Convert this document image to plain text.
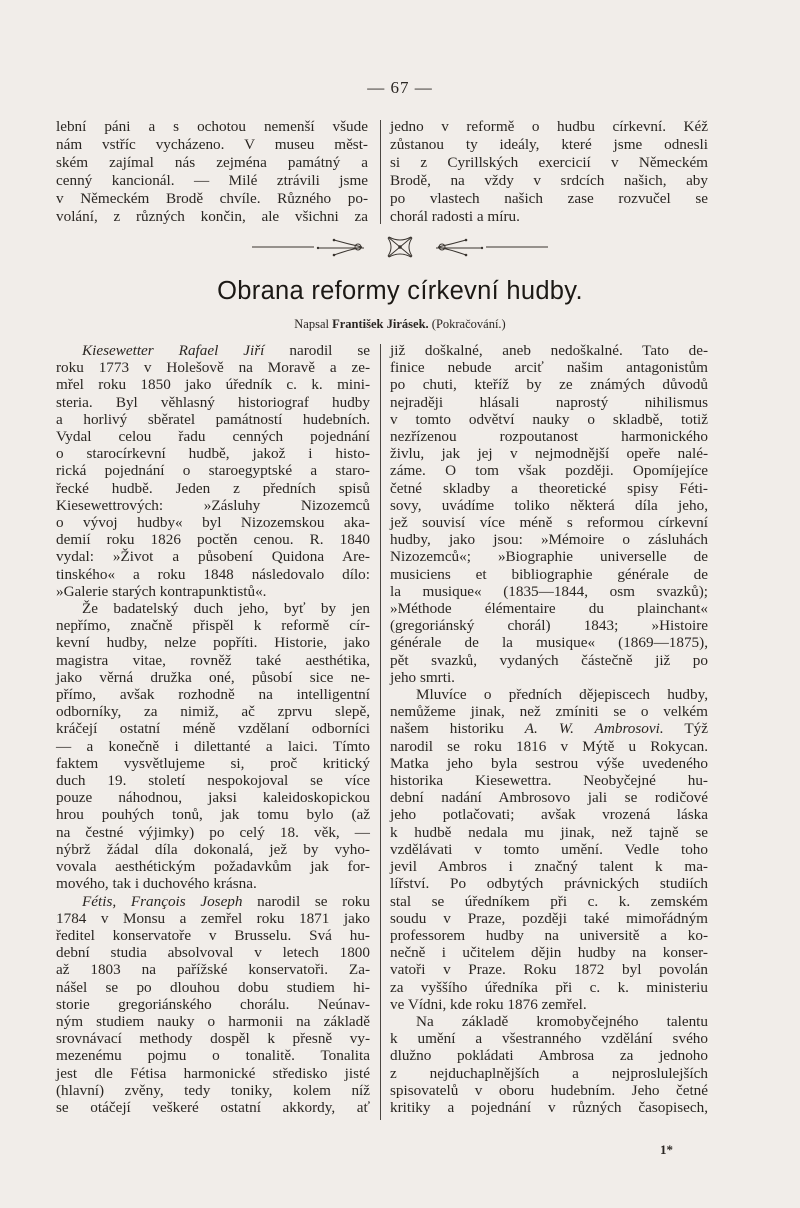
— 67 —

lební páni a s ochotou nemenší všude
nám vstříc vycházeno. V museu měst-
ském zajímal nás zejména památný a
cenný kancionál. — Milé ztrávili jsme
v Německém Brodě chvíle. Různého po-
volání, z různých končin, ale všichni za

jedno v reformě o hudbu církevní. Kéž
zůstanou ty ideály, které jsme odnesli
si z Cyrillských exercicií v Německém
Brodě, na vždy v srdcích našich, aby
po vlastech našich zase rozvučel se
chorál radosti a míru.

Obrana reformy církevní hudby.
Napsal František Jirásek. (Pokračování.)

Kiesewetter Rafael Jiří narodil se
roku 1773 v Holešově na Moravě a ze-
mřel roku 1850 jako úředník c. k. mini-
steria. Byl věhlasný historiograf hudby
a horlivý sběratel památností hudebních.
Vydal celou řadu cenných pojednání
o starocírkevní hudbě, jakož i histo-
rická pojednání o staroegyptské a staro-
řecké hudbě. Jeden z předních spisů
Kiesewettrových: »Zásluhy Nizozemců
o vývoj hudby« byl Nizozemskou aka-
demií roku 1826 poctěn cenou. R. 1840
vydal: »Život a působení Quidona Are-
tinského« a roku 1848 následovalo dílo:
»Galerie starých kontrapunktistů«.

Že badatelský duch jeho, byť by jen
nepřímo, značně přispěl k reformě cír-
kevní hudby, nelze popříti. Historie, jako
magistra vitae, rovněž také aesthétika,
jako věrná družka oné, působí sice ne-
přímo, avšak rozhodně na intelligentní
odborníky, za nimiž, ač zprvu slepě,
kráčejí ostatní méně vzdělaní odborníci
— a konečně i dilettanté a laici. Tímto
faktem vysvětlujeme si, proč kritický
duch 19. století nespokojoval se více
pouze náhodnou, jaksi kaleidoskopickou
hrou pouhých tonů, jak tomu bylo (až
na čestné výjimky) po celý 18. věk, —
nýbrž žádal díla dokonalá, jež by vyho-
vovala aesthétickým požadavkům jak for-
mového, tak i duchového krásna.

Fétis, François Joseph narodil se roku
1784 v Monsu a zemřel roku 1871 jako
ředitel konservatoře v Brusselu. Svá hu-
dební studia absolvoval v letech 1800
až 1803 na pařížské konservatoři. Za-
nášel se po dlouhou dobu studiem hi-
storie gregoriánského chorálu. Neúnav-
ným studiem nauky o harmonii na základě
srovnávací methody dospěl k přesně vy-
mezenému pojmu o tonalitě. Tonalita
jest dle Fétisa harmonické středisko jisté
(hlavní) zvěny, tedy toniky, kolem níž
se otáčejí veškeré ostatní akkordy, ať

již doškalné, aneb nedoškalné. Tato de-
finice nebude arciť našim antagonistům
po chuti, kteříž by ze známých důvodů
nejraději hlásali naprostý nihilismus
v tomto odvětví nauky o skladbě, totiž
nezřízenou rozpoutanost harmonického
živlu, jak jej v nejmodnější opeře nalé-
záme. O tom však později. Opomíjejíce
četné skladby a theoretické spisy Féti-
sovy, uvádíme toliko některá díla jeho,
jež souvisí více méně s reformou církevní
hudby, jako jsou: »Mémoire o zásluhách
Nizozemců«; »Biographie universelle de
musiciens et bibliographie générale de
la musique« (1835—1844, osm svazků);
»Méthode élémentaire du plainchant«
(gregoriánský chorál) 1843; »Histoire
générale de la musique« (1869—1875),
pět svazků, vydaných částečně již po
jeho smrti.

Mluvíce o předních dějepiscech hudby,
nemůžeme jinak, než zmíniti se o velkém
našem historiku A. W. Ambrosovi. Týž
narodil se roku 1816 v Mýtě u Rokycan.
Matka jeho byla sestrou výše uvedeného
historika Kiesewettra. Neobyčejné hu-
dební nadání Ambrosovo jali se rodičové
jeho potlačovati; avšak vrozená láska
k hudbě nedala mu jinak, než tajně se
vzdělávati v tomto umění. Vedle toho
jevil Ambros i značný talent k ma-
lířství. Po odbytých právnických studiích
stal se úředníkem při c. k. zemském
soudu v Praze, později také mimořádným
professorem hudby na universitě a ko-
nečně i učitelem dějin hudby na konser-
vatoři v Praze. Roku 1872 byl povolán
za vyššího úředníka při c. k. ministeriu
ve Vídni, kde roku 1876 zemřel.

Na základě kromobyčejného talentu
k umění a všestranného vzdělání svého
dlužno pokládati Ambrosa za jednoho
z nejduchaplnějších a nejproslulejších
spisovatelů v oboru hudebním. Jeho četné
kritiky a pojednání v různých časopisech,

1*
